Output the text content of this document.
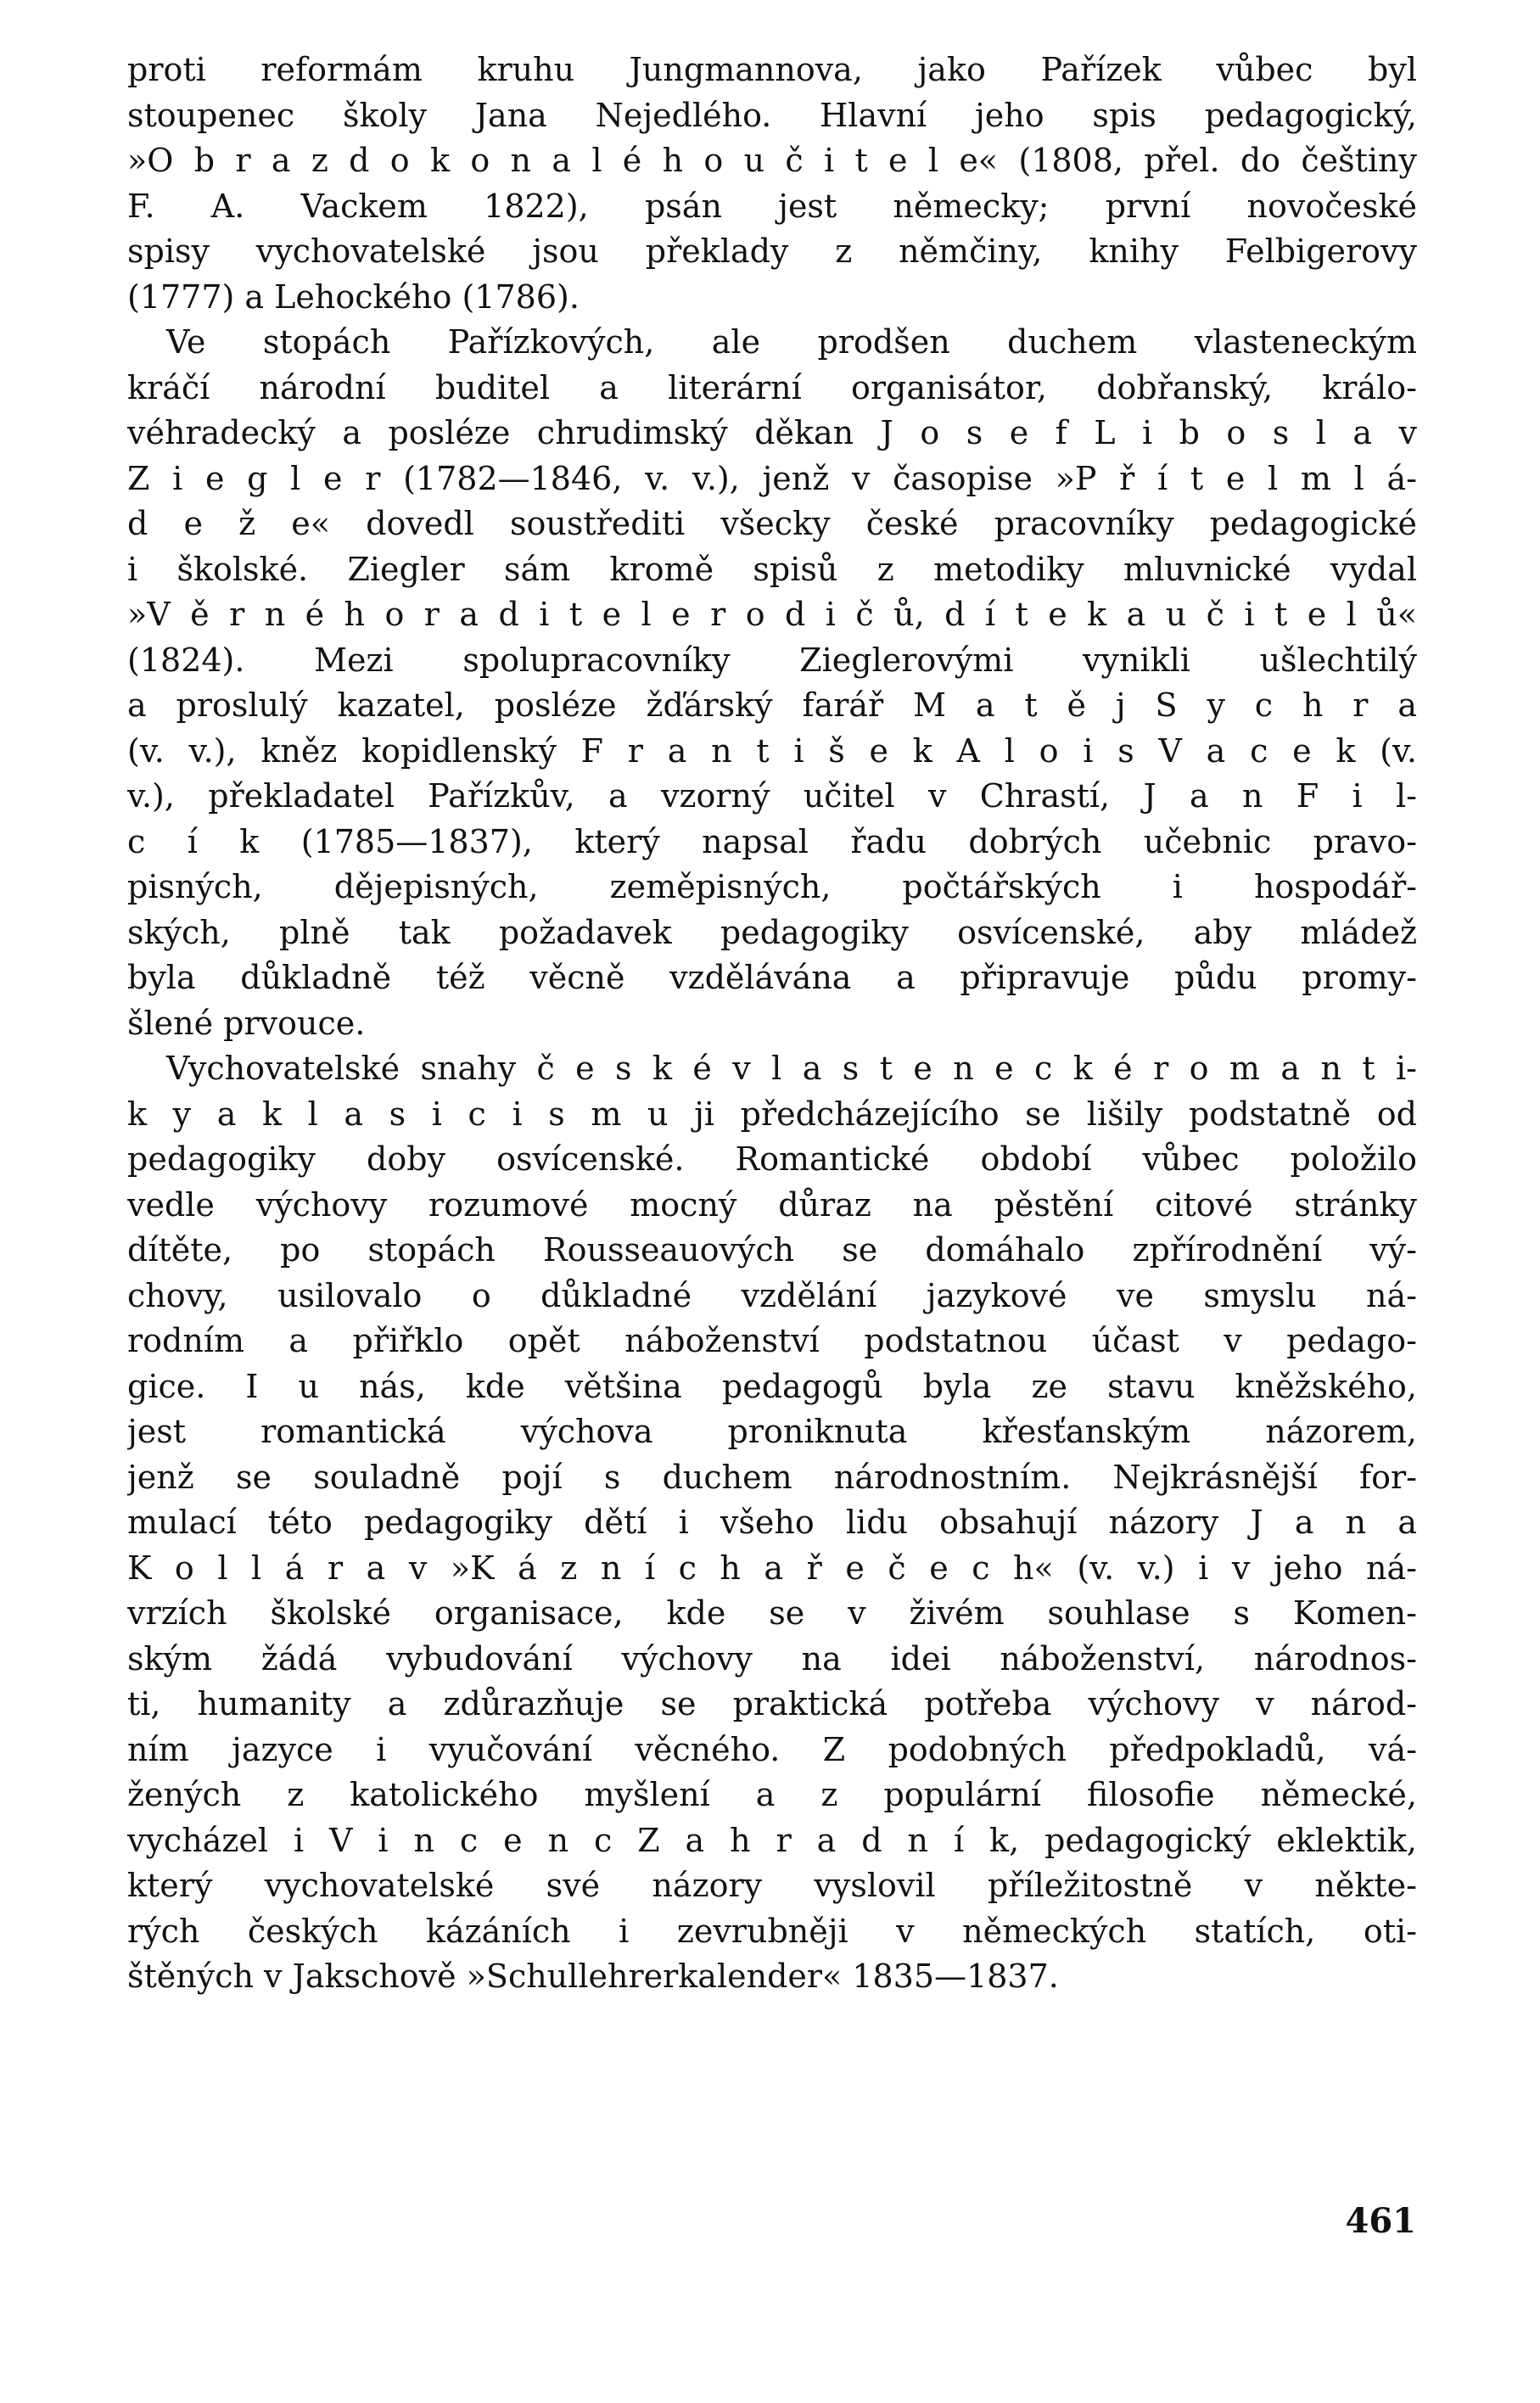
proti reformám kruhu Jungmannova, jako Pařízek vůbec byl
stoupenec školy Jana Nejedlého. Hlavní jeho spis pedagogický,
»O b r a z d o k o n a l é h o u č i t e l e« (1808, přel. do češtiny
F. A. Vackem 1822), psán jest německy; první novočeské
spisy vychovatelské jsou překlady z němčiny, knihy Felbigerovy
(1777) a Lehockého (1786).
Ve stopách Pařízkových, ale prodšen duchem vlasteneckým
kráčí národní buditel a literární organisátor, dobřanský, králo-
véhradecký a posléze chrudimský děkan J o s e f L i b o s l a v
Z i e g l e r (1782—1846, v. v.), jenž v časopise »P ř í t e l m l á-
d e ž e« dovedl soustřediti všecky české pracovníky pedagogické
i školské. Ziegler sám kromě spisů z metodiky mluvnické vydal
»V ě r n é h o r a d i t e l e r o d i č ů, d í t e k a u č i t e l ů«
(1824). Mezi spolupracovníky Zieglerovými vynikli ušlechtilý
a proslulý kazatel, posléze žďárský farář M a t ě j S y c h r a
(v. v.), kněz kopidlenský F r a n t i š e k A l o i s V a c e k (v.
v.), překladatel Pařízkův, a vzorný učitel v Chrastí, J a n F i l-
c í k (1785—1837), který napsal řadu dobrých učebnic pravo-
pisných, dějepisných, zeměpisných, počtářských i hospodář-
ských, plně tak požadavek pedagogiky osvícenské, aby mládež
byla důkladně též věcně vzdělávána a připravuje půdu promy-
šlené prvouce.
Vychovatelské snahy č e s k é v l a s t e n e c k é r o m a n t i-
k y a k l a s i c i s m u ji předcházejícího se lišily podstatně od
pedagogiky doby osvícenské. Romantické období vůbec položilo
vedle výchovy rozumové mocný důraz na pěstění citové stránky
dítěte, po stopách Rousseauových se domáhalo zpřírodnění vý-
chovy, usilovalo o důkladné vzdělání jazykové ve smyslu ná-
rodním a přiřklo opět náboženství podstatnou účast v pedago-
gice. I u nás, kde většina pedagogů byla ze stavu kněžského,
jest romantická výchova proniknuta křesťanským názorem,
jenž se souladně pojí s duchem národnostním. Nejkrásnější for-
mulací této pedagogiky dětí i všeho lidu obsahují názory J a n a
K o l l á r a v »K á z n í c h a ř e č e c h« (v. v.) i v jeho ná-
vrzích školské organisace, kde se v živém souhlase s Komen-
ským žádá vybudování výchovy na idei náboženství, národnos-
ti, humanity a zdůrazňuje se praktická potřeba výchovy v národ-
ním jazyce i vyučování věcného. Z podobných předpokladů, vá-
žených z katolického myšlení a z populární filosofie německé,
vycházel i V i n c e n c Z a h r a d n í k, pedagogický eklektik,
který vychovatelské své názory vyslovil příležitostně v někte-
rých českých kázáních i zevrubněji v německých statích, oti-
štěných v Jakschově »Schullehrerkalender« 1835—1837.
461
